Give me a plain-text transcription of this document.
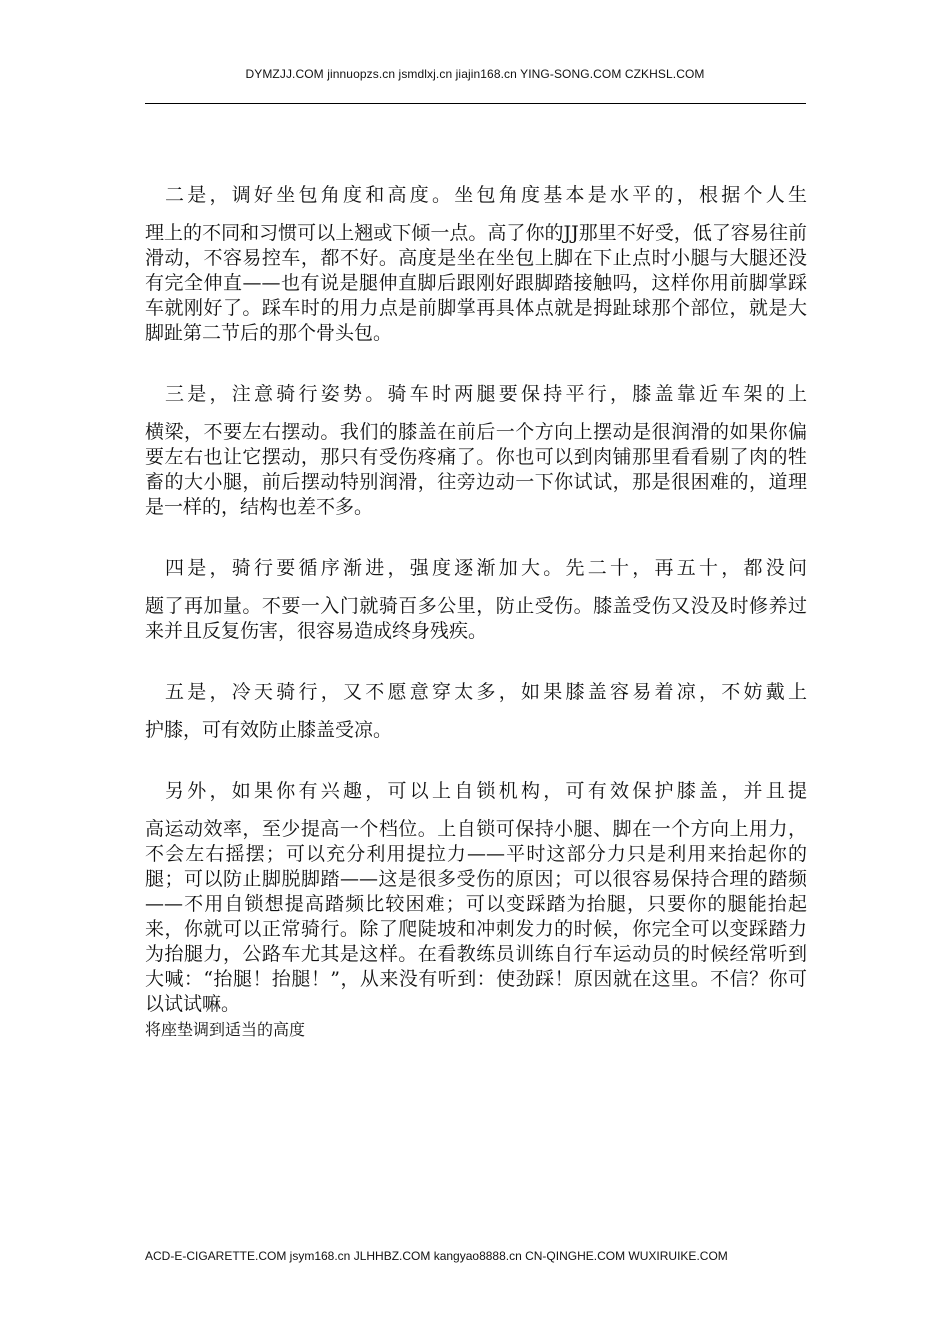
DYMZJJ.COM jinnuopzs.cn jsmdlxj.cn jiajin168.cn YING-SONG.COM CZKHSL.COM

二是，调好坐包角度和高度。坐包角度基本是水平的，根据个人生
理上的不同和习惯可以上翘或下倾一点。高了你的JJ那里不好受，低了容易往前滑动，不容易控车，都不好。高度是坐在坐包上脚在下止点时小腿与大腿还没有完全伸直——也有说是腿伸直脚后跟刚好跟脚踏接触吗，这样你用前脚掌踩车就刚好了。踩车时的用力点是前脚掌再具体点就是拇趾球那个部位，就是大脚趾第二节后的那个骨头包。

三是，注意骑行姿势。骑车时两腿要保持平行，膝盖靠近车架的上
横梁，不要左右摆动。我们的膝盖在前后一个方向上摆动是很润滑的如果你偏要左右也让它摆动，那只有受伤疼痛了。你也可以到肉铺那里看看剔了肉的牲畜的大小腿，前后摆动特别润滑，往旁边动一下你试试，那是很困难的，道理是一样的，结构也差不多。

四是，骑行要循序渐进，强度逐渐加大。先二十，再五十，都没问
题了再加量。不要一入门就骑百多公里，防止受伤。膝盖受伤又没及时修养过来并且反复伤害，很容易造成终身残疾。

五是，冷天骑行，又不愿意穿太多，如果膝盖容易着凉，不妨戴上
护膝，可有效防止膝盖受凉。

另外，如果你有兴趣，可以上自锁机构，可有效保护膝盖，并且提
高运动效率，至少提高一个档位。上自锁可保持小腿、脚在一个方向上用力，不会左右摇摆；可以充分利用提拉力——平时这部分力只是利用来抬起你的腿；可以防止脚脱脚踏——这是很多受伤的原因；可以很容易保持合理的踏频——不用自锁想提高踏频比较困难；可以变踩踏为抬腿，只要你的腿能抬起来，你就可以正常骑行。除了爬陡坡和冲刺发力的时候，你完全可以变踩踏力为抬腿力，公路车尤其是这样。在看教练员训练自行车运动员的时候经常听到大喊：“抬腿！抬腿！”，从来没有听到：使劲踩！原因就在这里。不信？你可以试试嘛。

将座垫调到适当的高度
ACD-E-CIGARETTE.COM jsym168.cn JLHHBZ.COM kangyao8888.cn CN-QINGHE.COM WUXIRUIKE.COM
